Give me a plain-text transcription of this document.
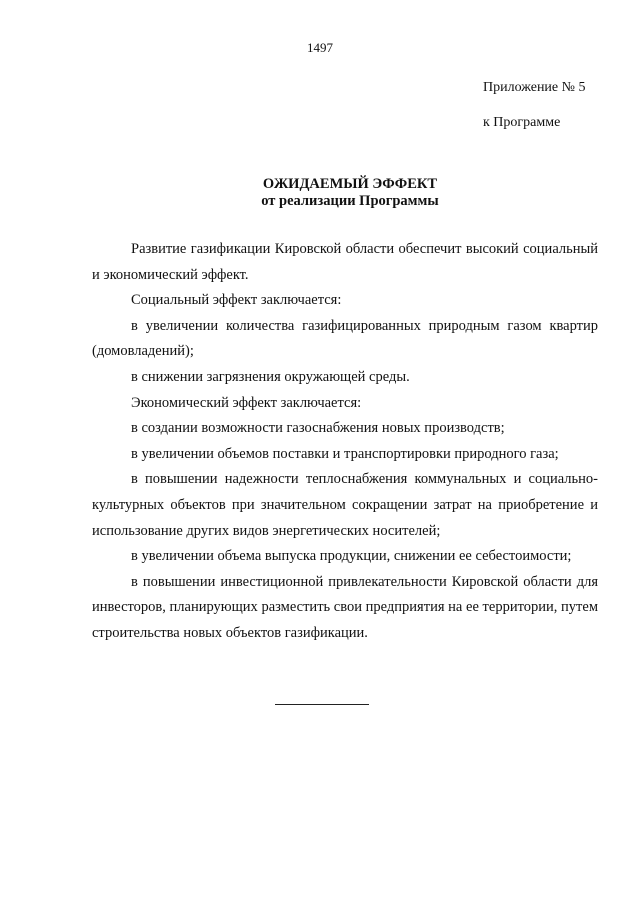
1497
Приложение № 5
к Программе
ОЖИДАЕМЫЙ ЭФФЕКТ
от реализации Программы

Развитие газификации Кировской области обеспечит высокий социальный и экономический эффект.

Социальный эффект заключается:

в увеличении количества газифицированных природным газом квартир (домовладений);

в снижении загрязнения окружающей среды.

Экономический эффект заключается:

в создании возможности газоснабжения новых производств;

в увеличении объемов поставки и транспортировки природного газа;

в повышении надежности теплоснабжения коммунальных и социально-культурных объектов при значительном сокращении затрат на приобретение и использование других видов энергетических носителей;

в увеличении объема выпуска продукции, снижении ее себестоимости;

в повышении инвестиционной привлекательности Кировской области для инвесторов, планирующих разместить свои предприятия на ее территории, путем строительства новых объектов газификации.
